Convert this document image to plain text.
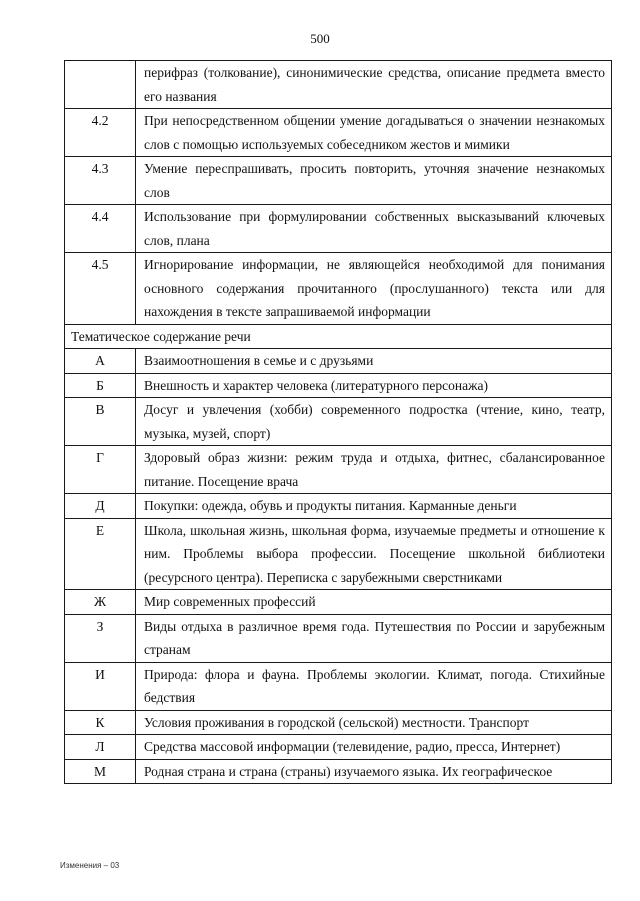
500
	перифраз (толкование), синонимические средства, описание предмета вместо его названия
4.2	При непосредственном общении умение догадываться о значении незнакомых слов с помощью используемых собеседником жестов и мимики
4.3	Умение переспрашивать, просить повторить, уточняя значение незнакомых слов
4.4	Использование при формулировании собственных высказываний ключевых слов, плана
4.5	Игнорирование информации, не являющейся необходимой для понимания основного содержания прочитанного (прослушанного) текста или для нахождения в тексте запрашиваемой информации
Тематическое содержание речи	
А	Взаимоотношения в семье и с друзьями
Б	Внешность и характер человека (литературного персонажа)
В	Досуг и увлечения (хобби) современного подростка (чтение, кино, театр, музыка, музей, спорт)
Г	Здоровый образ жизни: режим труда и отдыха, фитнес, сбалансированное питание. Посещение врача
Д	Покупки: одежда, обувь и продукты питания. Карманные деньги
Е	Школа, школьная жизнь, школьная форма, изучаемые предметы и отношение к ним. Проблемы выбора профессии. Посещение школьной библиотеки (ресурсного центра). Переписка с зарубежными сверстниками
Ж	Мир современных профессий
З	Виды отдыха в различное время года. Путешествия по России и зарубежным странам
И	Природа: флора и фауна. Проблемы экологии. Климат, погода. Стихийные бедствия
К	Условия проживания в городской (сельской) местности. Транспорт
Л	Средства массовой информации (телевидение, радио, пресса, Интернет)
М	Родная страна и страна (страны) изучаемого языка. Их географическое
Изменения – 03
